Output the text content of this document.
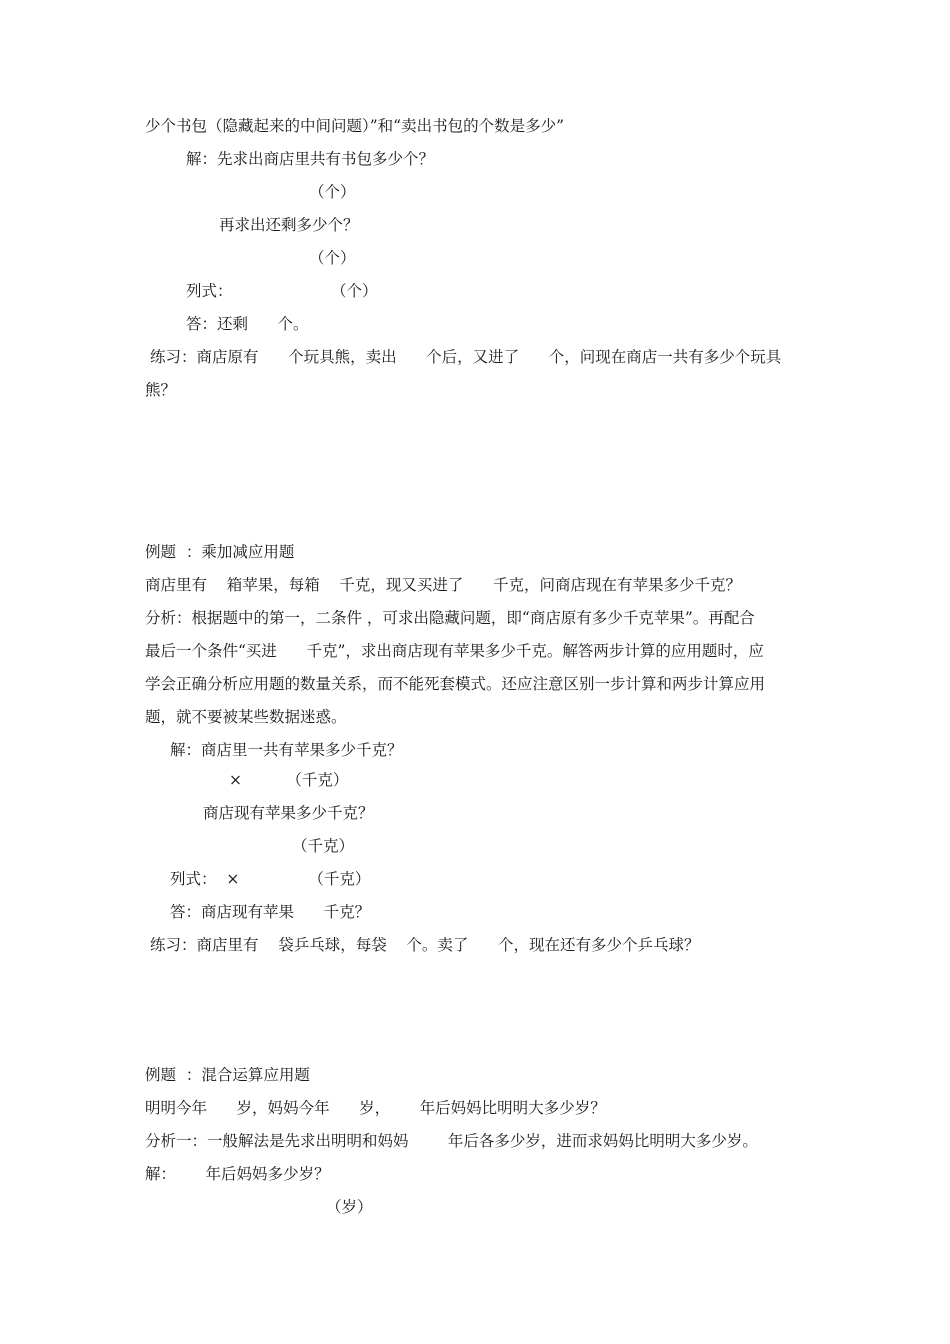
少个书包（隐藏起来的中间问题）”和“卖出书包的个数是多少”
解：先求出商店里共有书包多少个？
（个）
再求出还剩多少个？
（个）
列式：                    （个）
答：还剩      个。
练习：商店原有      个玩具熊，卖出      个后，又进了      个，问现在商店一共有多少个玩具
熊？
例题  ：乘加减应用题
商店里有    箱苹果，每箱    千克，现又买进了      千克，问商店现在有苹果多少千克？
分析：根据题中的第一，二条件 ，可求出隐藏问题，即“商店原有多少千克苹果”。再配合
最后一个条件“买进      千克”，求出商店现有苹果多少千克。解答两步计算的应用题时，应
学会正确分析应用题的数量关系，而不能死套模式。还应注意区别一步计算和两步计算应用
题，就不要被某些数据迷惑。
解：商店里一共有苹果多少千克？
×         （千克）
商店现有苹果多少千克？
（千克）
列式：  ×              （千克）
答：商店现有苹果      千克？
练习：商店里有    袋乒乓球，每袋    个。卖了      个，现在还有多少个乒乓球？
例题  ：混合运算应用题
明明今年      岁，妈妈今年      岁，      年后妈妈比明明大多少岁？
分析一：一般解法是先求出明明和妈妈        年后各多少岁，进而求妈妈比明明大多少岁。
解：      年后妈妈多少岁？
（岁）
